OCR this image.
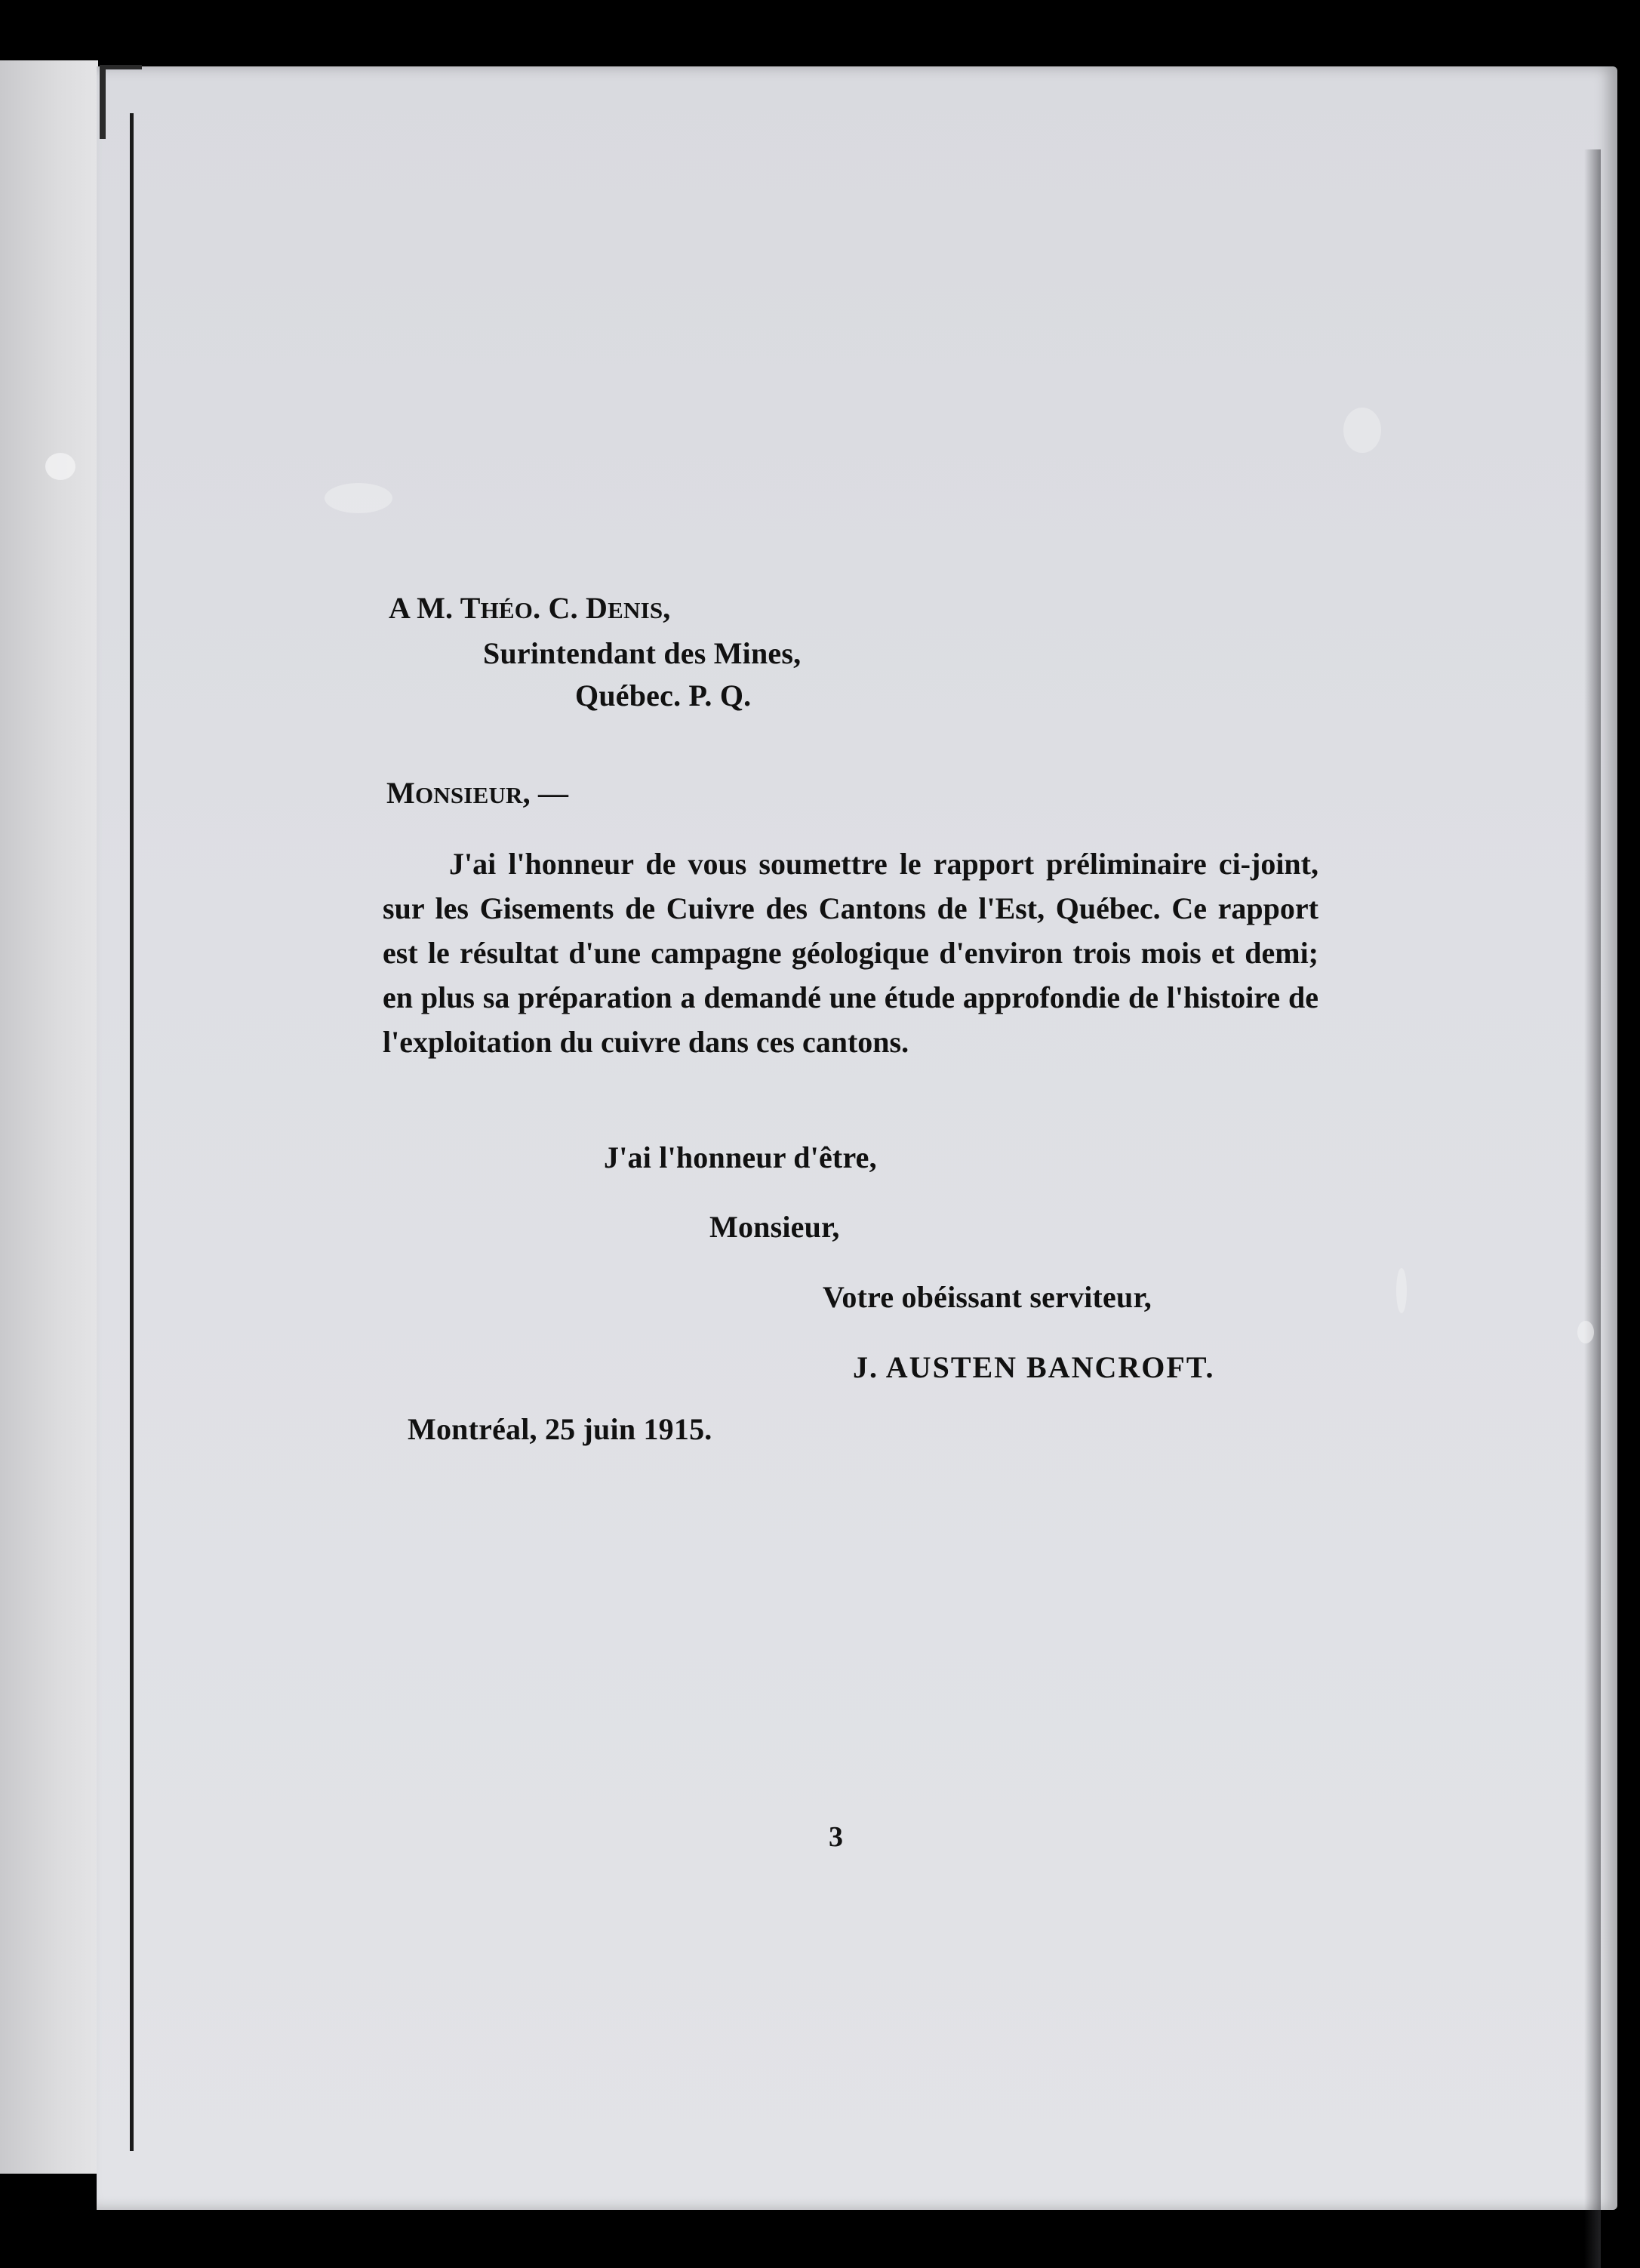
A M. THÉO. C. DENIS,
Surintendant des Mines,
Québec. P. Q.
MONSIEUR, —

J'ai l'honneur de vous soumettre le rapport préliminaire ci-joint, sur les Gisements de Cuivre des Cantons de l'Est, Québec. Ce rapport est le résultat d'une campagne géologique d'environ trois mois et demi; en plus sa préparation a demandé une étude approfondie de l'histoire de l'exploitation du cuivre dans ces cantons.

J'ai l'honneur d'être,
Monsieur,
Votre obéissant serviteur,
J. AUSTEN BANCROFT.
Montréal, 25 juin 1915.
3
